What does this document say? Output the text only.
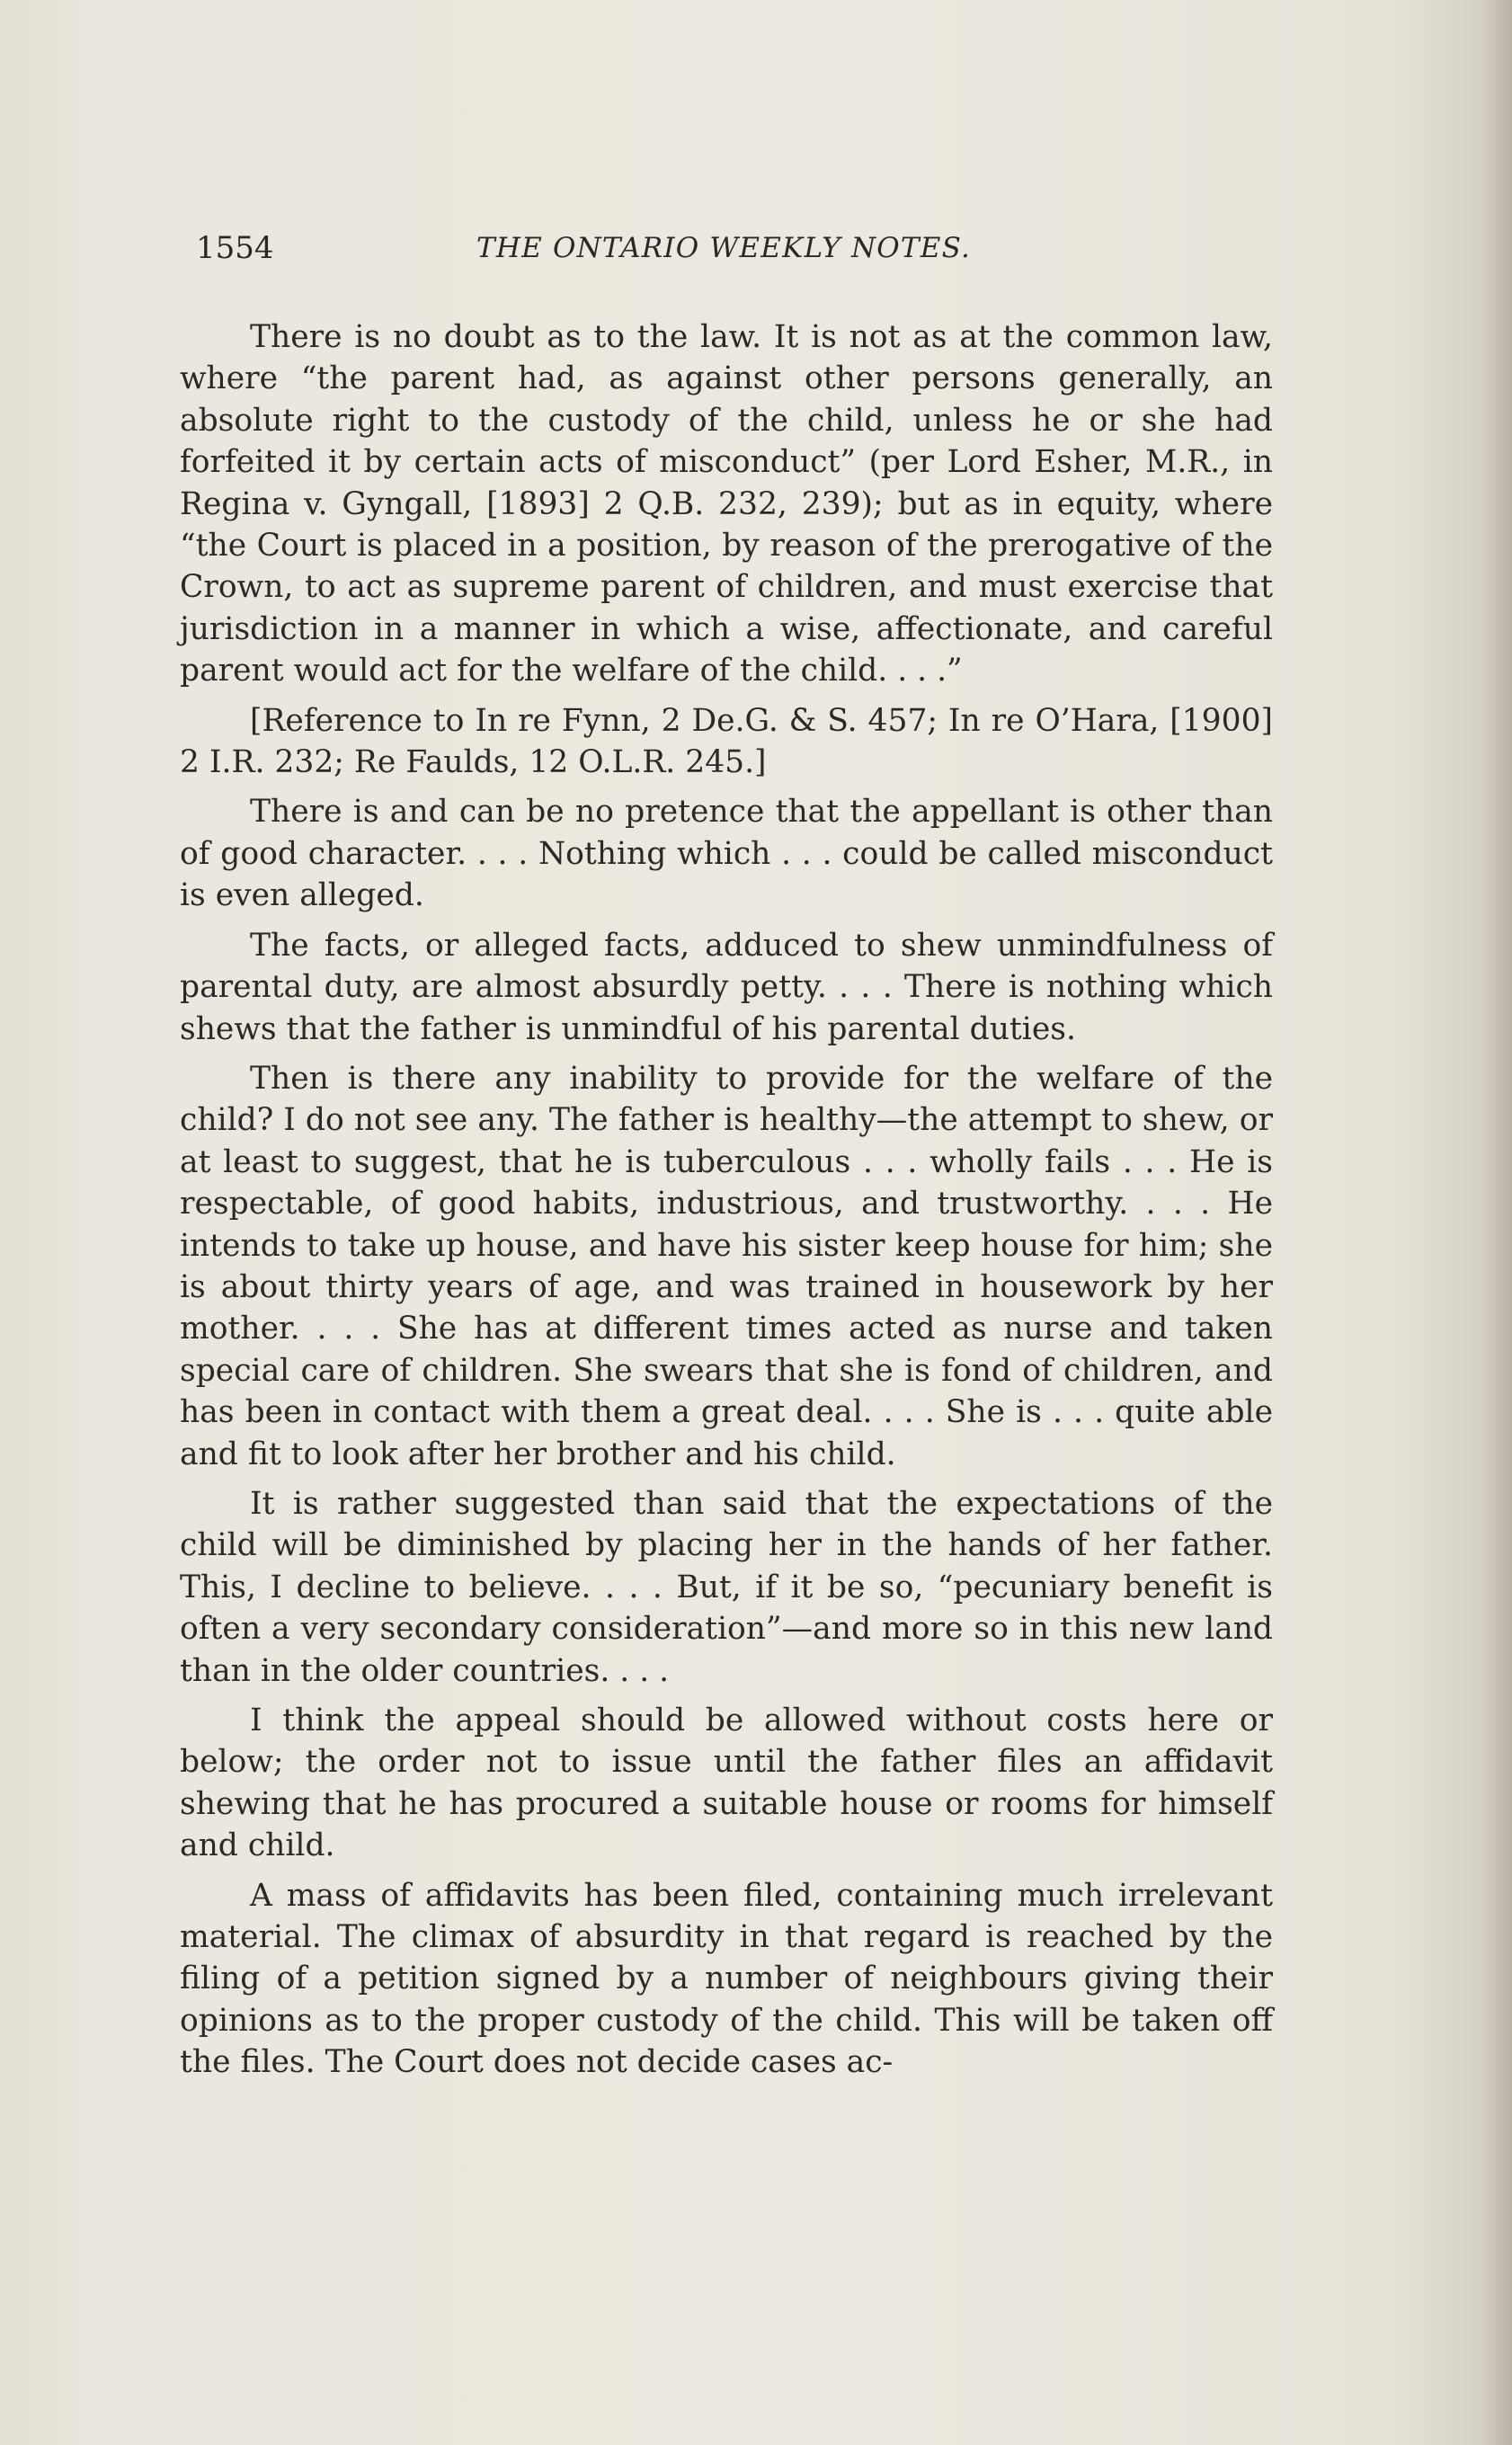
1554	THE ONTARIO WEEKLY NOTES.

There is no doubt as to the law. It is not as at the common law, where “the parent had, as against other persons generally, an absolute right to the custody of the child, unless he or she had forfeited it by certain acts of misconduct” (per Lord Esher, M.R., in Regina v. Gyngall, [1893] 2 Q.B. 232, 239); but as in equity, where “the Court is placed in a position, by reason of the prerogative of the Crown, to act as supreme parent of children, and must exercise that jurisdiction in a manner in which a wise, affectionate, and careful parent would act for the welfare of the child. . . .”

[Reference to In re Fynn, 2 De.G. & S. 457; In re O’Hara, [1900] 2 I.R. 232; Re Faulds, 12 O.L.R. 245.]

There is and can be no pretence that the appellant is other than of good character. . . . Nothing which . . . could be called misconduct is even alleged.

The facts, or alleged facts, adduced to shew unmindfulness of parental duty, are almost absurdly petty. . . . There is nothing which shews that the father is unmindful of his parental duties.

Then is there any inability to provide for the welfare of the child? I do not see any. The father is healthy—the attempt to shew, or at least to suggest, that he is tuberculous . . . wholly fails . . . He is respectable, of good habits, industrious, and trustworthy. . . . He intends to take up house, and have his sister keep house for him; she is about thirty years of age, and was trained in housework by her mother. . . . She has at different times acted as nurse and taken special care of children. She swears that she is fond of children, and has been in contact with them a great deal. . . . She is . . . quite able and fit to look after her brother and his child.

It is rather suggested than said that the expectations of the child will be diminished by placing her in the hands of her father. This, I decline to believe. . . . But, if it be so, “pecuniary benefit is often a very secondary consideration”—and more so in this new land than in the older countries. . . .

I think the appeal should be allowed without costs here or below; the order not to issue until the father files an affidavit shewing that he has procured a suitable house or rooms for himself and child.

A mass of affidavits has been filed, containing much irrelevant material. The climax of absurdity in that regard is reached by the filing of a petition signed by a number of neighbours giving their opinions as to the proper custody of the child. This will be taken off the files. The Court does not decide cases ac-
